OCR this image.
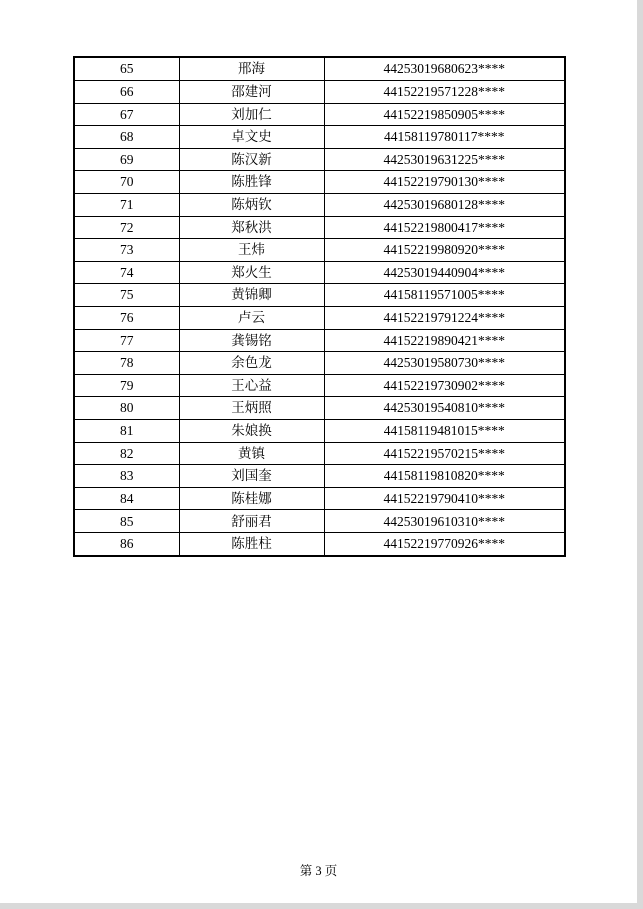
65	邢海	44253019680623****
66	邵建河	44152219571228****
67	刘加仁	44152219850905****
68	卓文史	44158119780117****
69	陈汉新	44253019631225****
70	陈胜锋	44152219790130****
71	陈炳钦	44253019680128****
72	郑秋洪	44152219800417****
73	王炜	44152219980920****
74	郑火生	44253019440904****
75	黄锦卿	44158119571005****
76	卢云	44152219791224****
77	龚锡铭	44152219890421****
78	余色龙	44253019580730****
79	王心益	44152219730902****
80	王炳照	44253019540810****
81	朱娘换	44158119481015****
82	黄镇	44152219570215****
83	刘国奎	44158119810820****
84	陈桂娜	44152219790410****
85	舒丽君	44253019610310****
86	陈胜柱	44152219770926****
第 3 页
